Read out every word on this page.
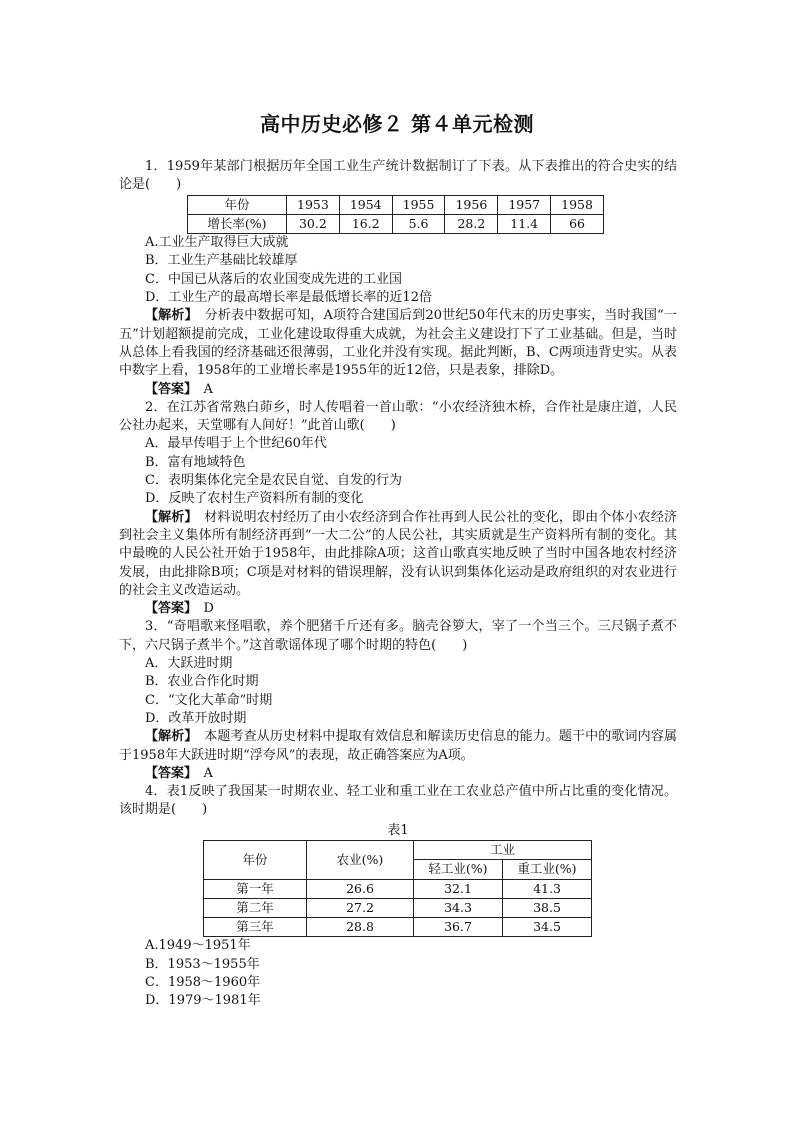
高中历史必修２ 第４单元检测

1．1959年某部门根据历年全国工业生产统计数据制订了下表。从下表推出的符合史实的结论是(　　)

年份	1953	1954	1955	1956	1957	1958
增长率(%)	30.2	16.2	5.6	28.2	11.4	66

A.工业生产取得巨大成就

B．工业生产基础比较雄厚

C．中国已从落后的农业国变成先进的工业国

D．工业生产的最高增长率是最低增长率的近12倍

【解析】　 分析表中数据可知，A项符合建国后到20世纪50年代末的历史事实，当时我国“一五”计划超额提前完成，工业化建设取得重大成就，为社会主义建设打下了工业基础。但是，当时从总体上看我国的经济基础还很薄弱，工业化并没有实现。据此判断，B、C两项违背史实。从表中数字上看，1958年的工业增长率是1955年的近12倍，只是表象，排除D。

【答案】　 A

2．在江苏省常熟白茆乡，时人传唱着一首山歌：“小农经济独木桥，合作社是康庄道，人民公社办起来，天堂哪有人间好！”此首山歌(　　)

A．最早传唱于上个世纪60年代

B．富有地域特色

C．表明集体化完全是农民自觉、自发的行为

D．反映了农村生产资料所有制的变化

【解析】　 材料说明农村经历了由小农经济到合作社再到人民公社的变化，即由个体小农经济到社会主义集体所有制经济再到“一大二公”的人民公社，其实质就是生产资料所有制的变化。其中最晚的人民公社开始于1958年，由此排除A项；这首山歌真实地反映了当时中国各地农村经济发展，由此排除B项；C项是对材料的错误理解，没有认识到集体化运动是政府组织的对农业进行的社会主义改造运动。

【答案】　 D

3．“奇唱歌来怪唱歌，养个肥猪千斤还有多。脑壳谷箩大，宰了一个当三个。三尺锅子煮不下，六尺锅子煮半个。”这首歌谣体现了哪个时期的特色(　　)

A．大跃进时期

B．农业合作化时期

C．“文化大革命”时期

D．改革开放时期

【解析】　 本题考查从历史材料中提取有效信息和解读历史信息的能力。题干中的歌词内容属于1958年大跃进时期“浮夸风”的表现，故正确答案应为A项。

【答案】　 A

4．表1反映了我国某一时期农业、轻工业和重工业在工农业总产值中所占比重的变化情况。该时期是(　　)

表1

年份	农业(%)	工业	
		轻工业(%)	重工业(%)
第一年	26.6	32.1	41.3
第二年	27.2	34.3	38.5
第三年	28.8	36.7	34.5

A.1949～1951年

B．1953～1955年

C．1958～1960年

D．1979～1981年
